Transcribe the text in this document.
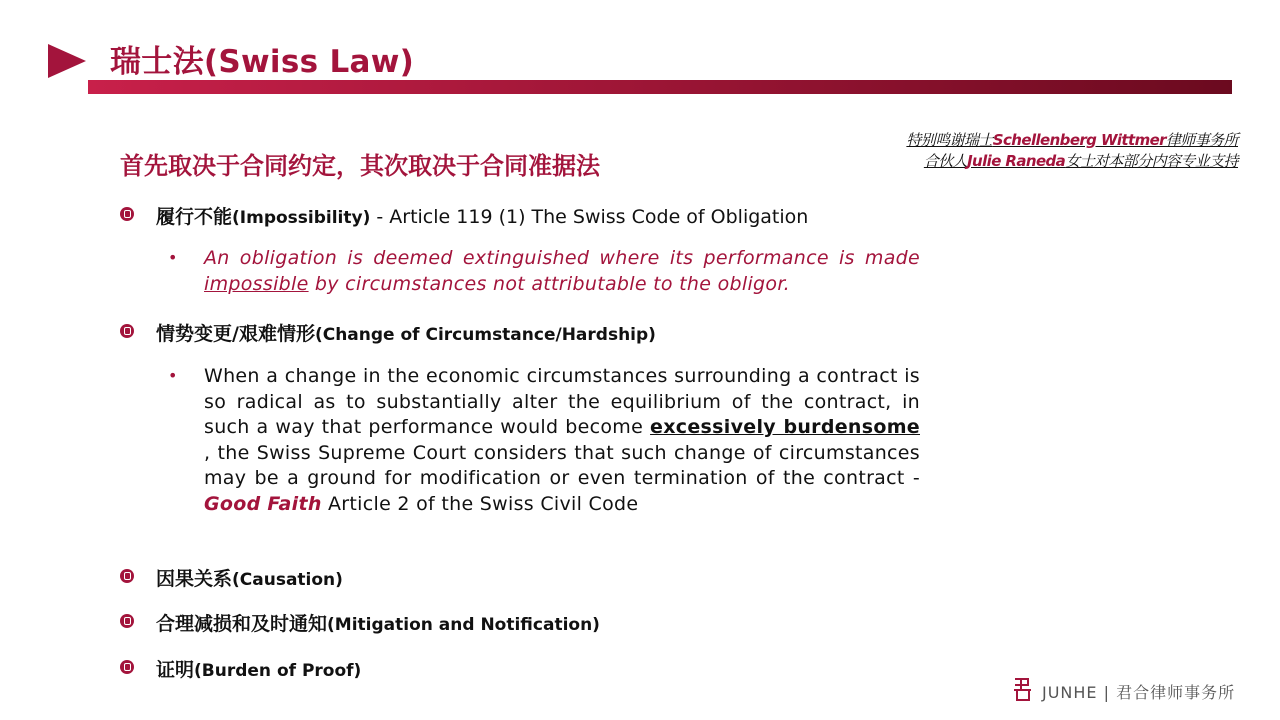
瑞士法(Swiss Law)
特别鸣谢瑞士Schellenberg Wittmer律师事务所
合伙人Julie Raneda女士对本部分内容专业支持
首先取决于合同约定，其次取决于合同准据法
履行不能(Impossibility) - Article 119 (1) The Swiss Code of Obligation
• An obligation is deemed extinguished where its performance is made impossible by circumstances not attributable to the obligor.
情势变更/艰难情形(Change of Circumstance/Hardship)
• When a change in the economic circumstances surrounding a contract is so radical as to substantially alter the equilibrium of the contract, in such a way that performance would become excessively burdensome , the Swiss Supreme Court considers that such change of circumstances may be a ground for modification or even termination of the contract - Good Faith Article 2 of the Swiss Civil Code
因果关系(Causation)
合理减损和及时通知(Mitigation and Notification)
证明(Burden of Proof)
JUNHE | 君合律师事务所
